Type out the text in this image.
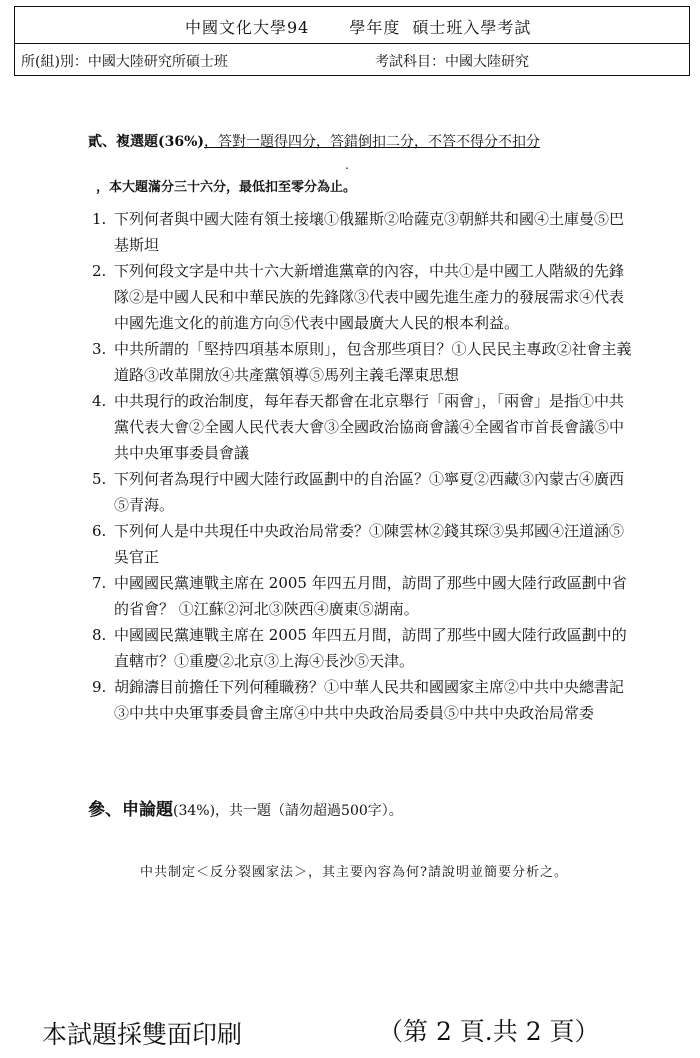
中國文化大學94	學年度 碩士班入學考試
所(組)別：中國大陸研究所碩士班	考試科目：中國大陸研究
貳、複選題(36%)，答對一題得四分，答錯倒扣二分，不答不得分不扣分
.
，本大題滿分三十六分，最低扣至零分為止。
1. 下列何者與中國大陸有領土接壤①俄羅斯②哈薩克③朝鮮共和國④土庫曼⑤巴基斯坦
2. 下列何段文字是中共十六大新增進黨章的內容，中共①是中國工人階級的先鋒隊②是中國人民和中華民族的先鋒隊③代表中國先進生產力的發展需求④代表中國先進文化的前進方向⑤代表中國最廣大人民的根本利益。
3. 中共所謂的「堅持四項基本原則」，包含那些項目？①人民民主專政②社會主義道路③改革開放④共產黨領導⑤馬列主義毛澤東思想
4. 中共現行的政治制度，每年春天都會在北京舉行「兩會」，「兩會」是指①中共黨代表大會②全國人民代表大會③全國政治協商會議④全國省市首長會議⑤中共中央軍事委員會議
5. 下列何者為現行中國大陸行政區劃中的自治區？①寧夏②西藏③內蒙古④廣西⑤青海。
6. 下列何人是中共現任中央政治局常委？①陳雲林②錢其琛③吳邦國④汪道涵⑤吳官正
7. 中國國民黨連戰主席在 2005 年四五月間，訪問了那些中國大陸行政區劃中省的省會？ ①江蘇②河北③陝西④廣東⑤湖南。
8. 中國國民黨連戰主席在 2005 年四五月間，訪問了那些中國大陸行政區劃中的直轄市？①重慶②北京③上海④長沙⑤天津。
9. 胡錦濤目前擔任下列何種職務？①中華人民共和國國家主席②中共中央總書記③中共中央軍事委員會主席④中共中央政治局委員⑤中共中央政治局常委
參、申論題(34%)，共一題（請勿超過500字）。
中共制定＜反分裂國家法＞，其主要內容為何?請說明並簡要分析之。
本試題採雙面印刷	（第 2 頁.共 2 頁）
